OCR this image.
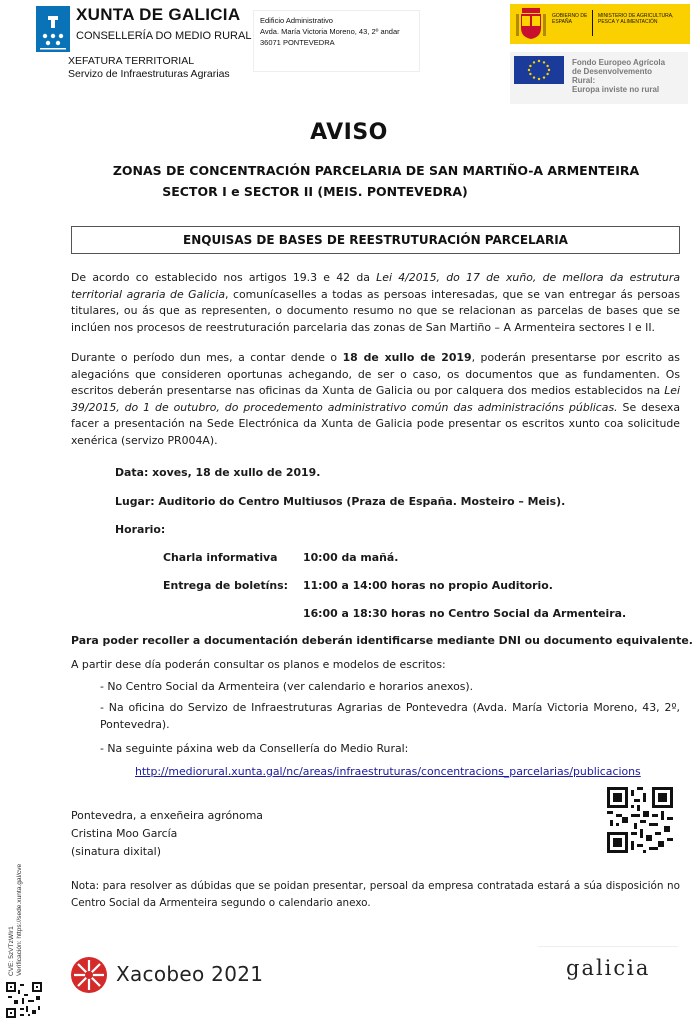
XUNTA DE GALICIA
CONSELLERÍA DO MEDIO RURAL
XEFATURA TERRITORIAL
Servizo de Infraestruturas Agrarias
Edificio Administrativo
Avda. María Victoria Moreno, 43, 2º andar
36071 PONTEVEDRA
GOBIERNO DE ESPAÑA
MINISTERIO DE AGRICULTURA, PESCA Y ALIMENTACIÓN
Fondo Europeo Agrícola
de Desenvolvemento
Rural:
Europa inviste no rural
AVISO
ZONAS DE CONCENTRACIÓN PARCELARIA DE SAN MARTIÑO-A ARMENTEIRA
SECTOR I e SECTOR II (MEIS. PONTEVEDRA)
ENQUISAS DE BASES DE REESTRUTURACIÓN PARCELARIA
De acordo co establecido nos artigos 19.3 e 42 da Lei 4/2015, do 17 de xuño, de mellora da estrutura territorial agraria de Galicia, comunícaselles a todas as persoas interesadas, que se van entregar ás persoas titulares, ou ás que as representen, o documento resumo no que se relacionan as parcelas de bases que se inclúen nos procesos de reestruturación parcelaria das zonas de San Martiño – A Armenteira sectores I e II.
Durante o período dun mes, a contar dende o 18 de xullo de 2019, poderán presentarse por escrito as alegacións que consideren oportunas achegando, de ser o caso, os documentos que as fundamenten. Os escritos deberán presentarse nas oficinas da Xunta de Galicia ou por calquera dos medios establecidos na Lei 39/2015, do 1 de outubro, do procedemento administrativo común das administracións públicas. Se desexa facer a presentación na Sede Electrónica da Xunta de Galicia pode presentar os escritos xunto coa solicitude xenérica (servizo PR004A).
Data: xoves, 18 de xullo de 2019.
Lugar: Auditorio do Centro Multiusos (Praza de España. Mosteiro – Meis).
Horario:
Charla informativa 10:00 da mañá.
Entrega de boletíns: 11:00 a 14:00 horas no propio Auditorio.
16:00 a 18:30 horas no Centro Social da Armenteira.
Para poder recoller a documentación deberán identificarse mediante DNI ou documento equivalente.
A partir dese día poderán consultar os planos e modelos de escritos:
- No Centro Social da Armenteira (ver calendario e horarios anexos).
- Na oficina do Servizo de Infraestruturas Agrarias de Pontevedra (Avda. María Victoria Moreno, 43, 2º, Pontevedra).
- Na seguinte páxina web da Consellería do Medio Rural:
http://mediorural.xunta.gal/nc/areas/infraestruturas/concentracions_parcelarias/publicacions
Pontevedra, a enxeñeira agrónoma
Cristina Moo García
(sinatura dixital)
Nota: para resolver as dúbidas que se poidan presentar, persoal da empresa contratada estará a súa disposición no Centro Social da Armenteira segundo o calendario anexo.
CVE: 5zVTzWIr1 Verificación: https://sede.xunta.gal/cve	Xacobeo 2021	galicia
